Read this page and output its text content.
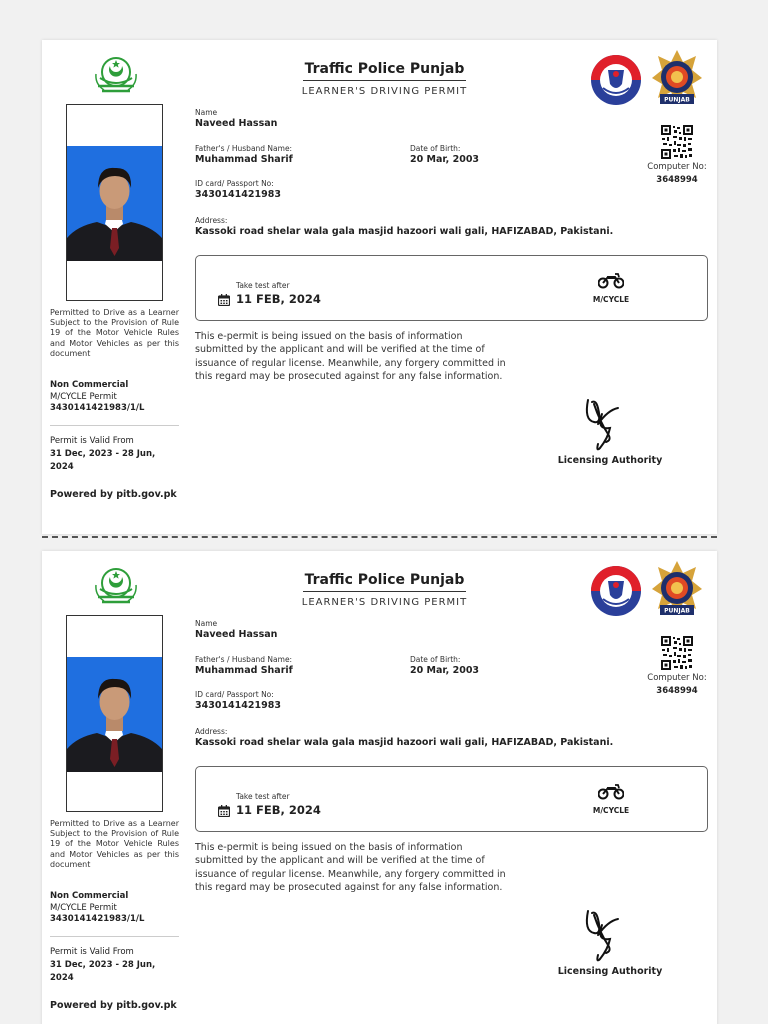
Traffic Police Punjab
LEARNER'S DRIVING PERMIT
PUNJAB
Permitted to Drive as a Learner Subject to the Provision of Rule 19 of the Motor Vehicle Rules and Motor Vehicles as per this document
Non Commercial
M/CYCLE Permit
3430141421983/1/L
Permit is Valid From
31 Dec, 2023 - 28 Jun, 2024
Powered by pitb.gov.pk
Name
Naveed Hassan
Father's / Husband Name:
Muhammad Sharif
Date of Birth:
20 Mar, 2003
ID card/ Passport No:
3430141421983
Address:
Kassoki road shelar wala gala masjid hazoori wali gali, HAFIZABAD, Pakistani.
Computer No:
3648994
Take test after
11 FEB, 2024	M/CYCLE
This e-permit is being issued on the basis of information submitted by the applicant and will be verified at the time of issuance of regular license. Meanwhile, any forgery committed in this regard may be prosecuted against for any false information.
Licensing Authority
Traffic Police Punjab
LEARNER'S DRIVING PERMIT
PUNJAB
Permitted to Drive as a Learner Subject to the Provision of Rule 19 of the Motor Vehicle Rules and Motor Vehicles as per this document
Non Commercial
M/CYCLE Permit
3430141421983/1/L
Permit is Valid From
31 Dec, 2023 - 28 Jun, 2024
Powered by pitb.gov.pk
Name
Naveed Hassan
Father's / Husband Name:
Muhammad Sharif
Date of Birth:
20 Mar, 2003
ID card/ Passport No:
3430141421983
Address:
Kassoki road shelar wala gala masjid hazoori wali gali, HAFIZABAD, Pakistani.
Computer No:
3648994
Take test after
11 FEB, 2024	M/CYCLE
This e-permit is being issued on the basis of information submitted by the applicant and will be verified at the time of issuance of regular license. Meanwhile, any forgery committed in this regard may be prosecuted against for any false information.
Licensing Authority
